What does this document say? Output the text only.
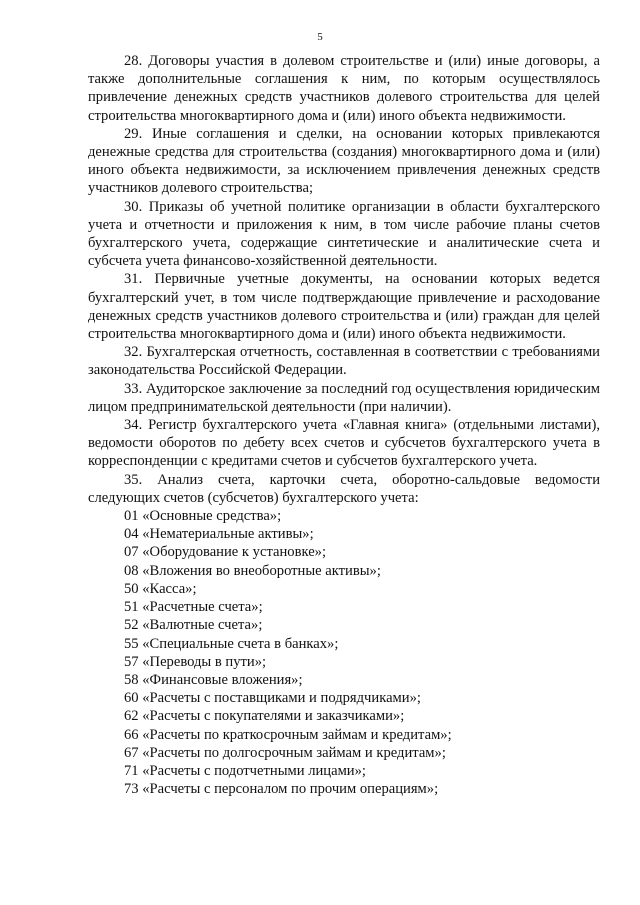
5

28. Договоры участия в долевом строительстве и (или) иные договоры, а также дополнительные соглашения к ним, по которым осуществлялось привлечение денежных средств участников долевого строительства для целей строительства многоквартирного дома и (или) иного объекта недвижимости.

29. Иные соглашения и сделки, на основании которых привлекаются денежные средства для строительства (создания) многоквартирного дома и (или) иного объекта недвижимости, за исключением привлечения денежных средств участников долевого строительства;

30. Приказы об учетной политике организации в области бухгалтерского учета и отчетности и приложения к ним, в том числе рабочие планы счетов бухгалтерского учета, содержащие синтетические и аналитические счета и субсчета учета финансово-хозяйственной деятельности.

31. Первичные учетные документы, на основании которых ведется бухгалтерский учет, в том числе подтверждающие привлечение и расходование денежных средств участников долевого строительства и (или) граждан для целей строительства многоквартирного дома и (или) иного объекта недвижимости.

32. Бухгалтерская отчетность, составленная в соответствии с требованиями законодательства Российской Федерации.

33. Аудиторское заключение за последний год осуществления юридическим лицом предпринимательской деятельности (при наличии).

34. Регистр бухгалтерского учета «Главная книга» (отдельными листами), ведомости оборотов по дебету всех счетов и субсчетов бухгалтерского учета в корреспонденции с кредитами счетов и субсчетов бухгалтерского учета.

35. Анализ счета, карточки счета, оборотно-сальдовые ведомости следующих счетов (субсчетов) бухгалтерского учета:

01 «Основные средства»;
04 «Нематериальные активы»;
07 «Оборудование к установке»;
08 «Вложения во внеоборотные активы»;
50 «Касса»;
51 «Расчетные счета»;
52 «Валютные счета»;
55 «Специальные счета в банках»;
57 «Переводы в пути»;
58 «Финансовые вложения»;
60 «Расчеты с поставщиками и подрядчиками»;
62 «Расчеты с покупателями и заказчиками»;
66 «Расчеты по краткосрочным займам и кредитам»;
67 «Расчеты по долгосрочным займам и кредитам»;
71 «Расчеты с подотчетными лицами»;
73 «Расчеты с персоналом по прочим операциям»;
